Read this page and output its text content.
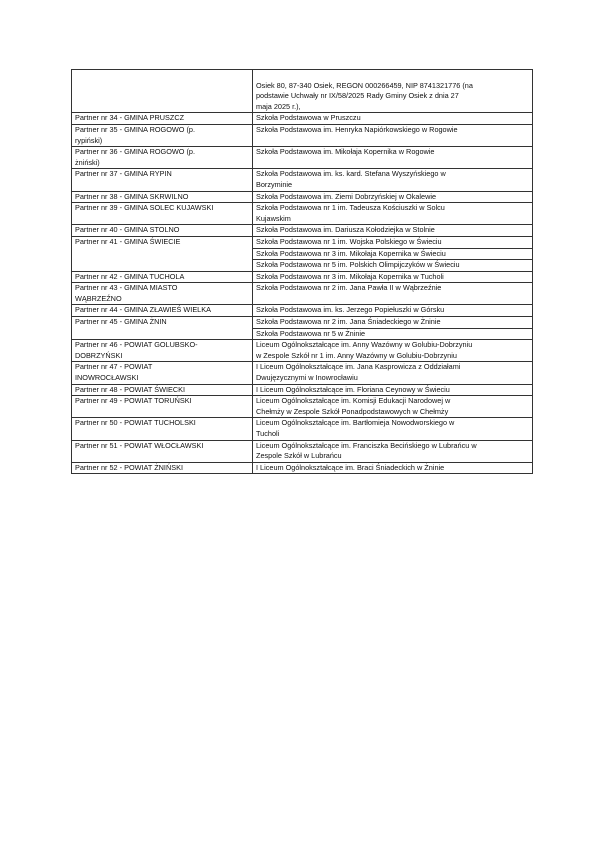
	Osiek 80, 87-340 Osiek, REGON 000266459, NIP 8741321776 (na
podstawie Uchwały nr IX/58/2025 Rady Gminy Osiek z dnia 27
maja 2025 r.),

Partner nr 34 - GMINA PRUSZCZ	Szkoła Podstawowa w Pruszczu

Partner nr 35 - GMINA ROGOWO (p.
rypiński)	Szkoła Podstawowa im. Henryka Napiórkowskiego w Rogowie

Partner nr 36 - GMINA ROGOWO (p.
żniński)	Szkoła Podstawowa im. Mikołaja Kopernika w Rogowie

Partner nr 37 - GMINA RYPIN	Szkoła Podstawowa im. ks. kard. Stefana Wyszyńskiego w
Borzyminie

Partner nr 38 - GMINA SKRWILNO	Szkoła Podstawowa im. Ziemi Dobrzyńskiej w Okalewie

Partner nr 39 - GMINA SOLEC KUJAWSKI	Szkoła Podstawowa nr 1 im. Tadeusza Kościuszki w Solcu
Kujawskim

Partner nr 40 - GMINA STOLNO	Szkoła Podstawowa im. Dariusza Kołodziejka w Stolnie

Partner nr 41 - GMINA ŚWIECIE	Szkoła Podstawowa nr 1 im. Wojska Polskiego w Świeciu

	Szkoła Podstawowa nr 3 im. Mikołaja Kopernika w Świeciu

	Szkoła Podstawowa nr 5 im. Polskich Olimpijczyków w Świeciu

Partner nr 42 - GMINA TUCHOLA	Szkoła Podstawowa nr 3 im. Mikołaja Kopernika w Tucholi

Partner nr 43 - GMINA MIASTO
WĄBRZEŹNO	Szkoła Podstawowa nr 2 im. Jana Pawła II w Wąbrzeźnie

Partner nr 44 - GMINA ZŁAWIEŚ WIELKA	Szkoła Podstawowa im. ks. Jerzego Popiełuszki w Górsku

Partner nr 45 - GMINA ŻNIN	Szkoła Podstawowa nr 2 im. Jana Śniadeckiego w Żninie

	Szkoła Podstawowa nr 5 w Żninie

Partner nr 46 - POWIAT GOLUBSKO-
DOBRZYŃSKI	Liceum Ogólnokształcące im. Anny Wazówny w Golubiu-Dobrzyniu
w Zespole Szkół nr 1 im. Anny Wazówny w Golubiu-Dobrzyniu

Partner nr 47 - POWIAT
INOWROCŁAWSKI	I Liceum Ogólnokształcące im. Jana Kasprowicza z Oddziałami
Dwujęzycznymi w Inowrocławiu

Partner nr 48 - POWIAT ŚWIECKI	I Liceum Ogólnokształcące im. Floriana Ceynowy w Świeciu

Partner nr 49 - POWIAT TORUŃSKI	Liceum Ogólnokształcące im. Komisji Edukacji Narodowej w
Chełmży w Zespole Szkół Ponadpodstawowych w Chełmży

Partner nr 50 - POWIAT TUCHOLSKI	Liceum Ogólnokształcące im. Bartłomieja Nowodworskiego w
Tucholi

Partner nr 51 - POWIAT WŁOCŁAWSKI	Liceum Ogólnokształcące im. Franciszka Becińskiego w Lubrańcu w
Zespole Szkół w Lubrańcu

Partner nr 52 - POWIAT ŻNIŃSKI	I Liceum Ogólnokształcące im. Braci Śniadeckich w Żninie
